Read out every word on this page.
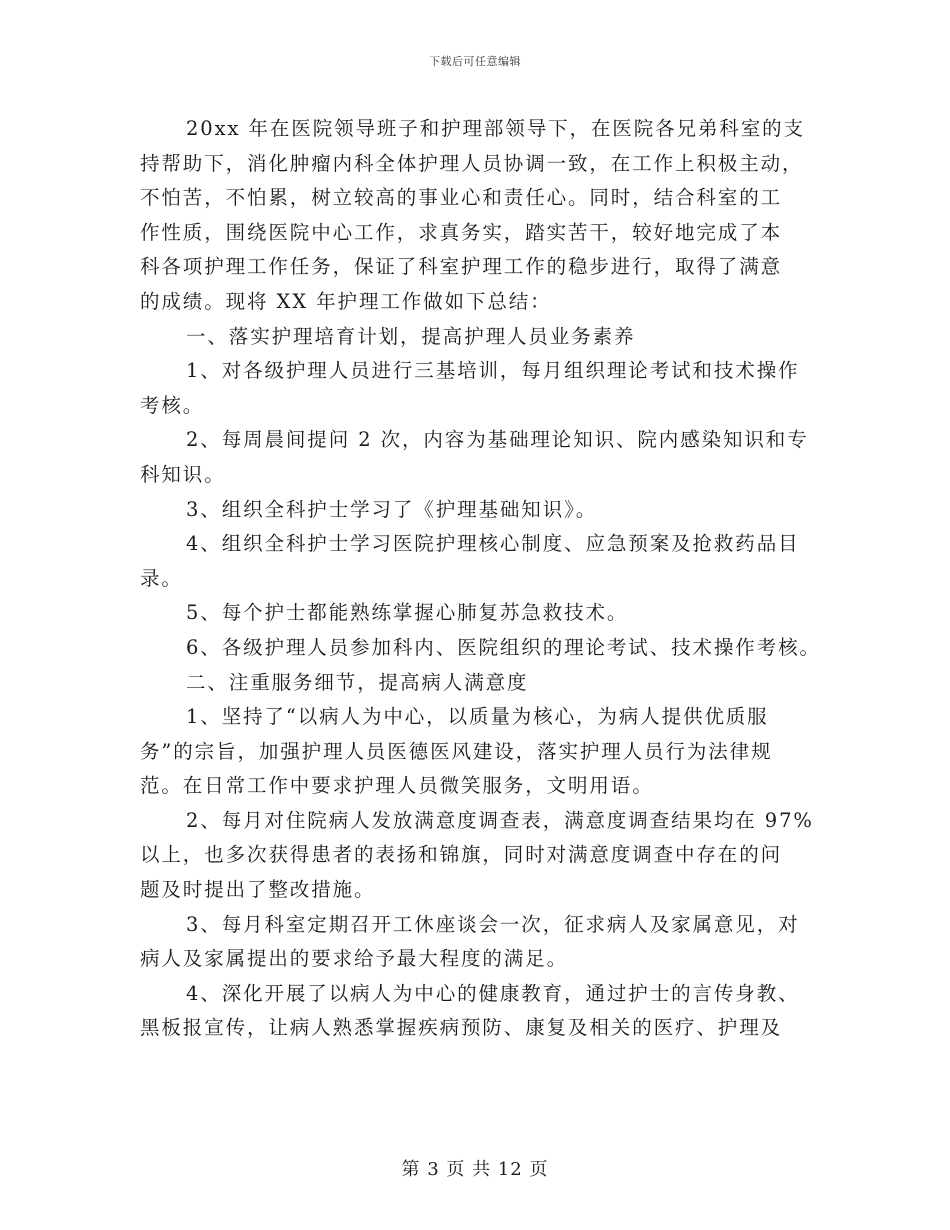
下载后可任意编辑
20xx 年在医院领导班子和护理部领导下，在医院各兄弟科室的支
持帮助下，消化肿瘤内科全体护理人员协调一致，在工作上积极主动，
不怕苦，不怕累，树立较高的事业心和责任心。同时，结合科室的工
作性质，围绕医院中心工作，求真务实，踏实苦干，较好地完成了本
科各项护理工作任务，保证了科室护理工作的稳步进行，取得了满意
的成绩。现将 XX 年护理工作做如下总结：
一、落实护理培育计划，提高护理人员业务素养
1、对各级护理人员进行三基培训，每月组织理论考试和技术操作
考核。
2、每周晨间提问 2 次，内容为基础理论知识、院内感染知识和专
科知识。
3、组织全科护士学习了《护理基础知识》。
4、组织全科护士学习医院护理核心制度、应急预案及抢救药品目
录。
5、每个护士都能熟练掌握心肺复苏急救技术。
6、各级护理人员参加科内、医院组织的理论考试、技术操作考核。
二、注重服务细节，提高病人满意度
1、坚持了“以病人为中心，以质量为核心，为病人提供优质服
务”的宗旨，加强护理人员医德医风建设，落实护理人员行为法律规
范。在日常工作中要求护理人员微笑服务，文明用语。
2、每月对住院病人发放满意度调查表，满意度调查结果均在 97%
以上，也多次获得患者的表扬和锦旗，同时对满意度调查中存在的问
题及时提出了整改措施。
3、每月科室定期召开工休座谈会一次，征求病人及家属意见，对
病人及家属提出的要求给予最大程度的满足。
4、深化开展了以病人为中心的健康教育，通过护士的言传身教、
黑板报宣传，让病人熟悉掌握疾病预防、康复及相关的医疗、护理及
第 3 页 共 12 页
